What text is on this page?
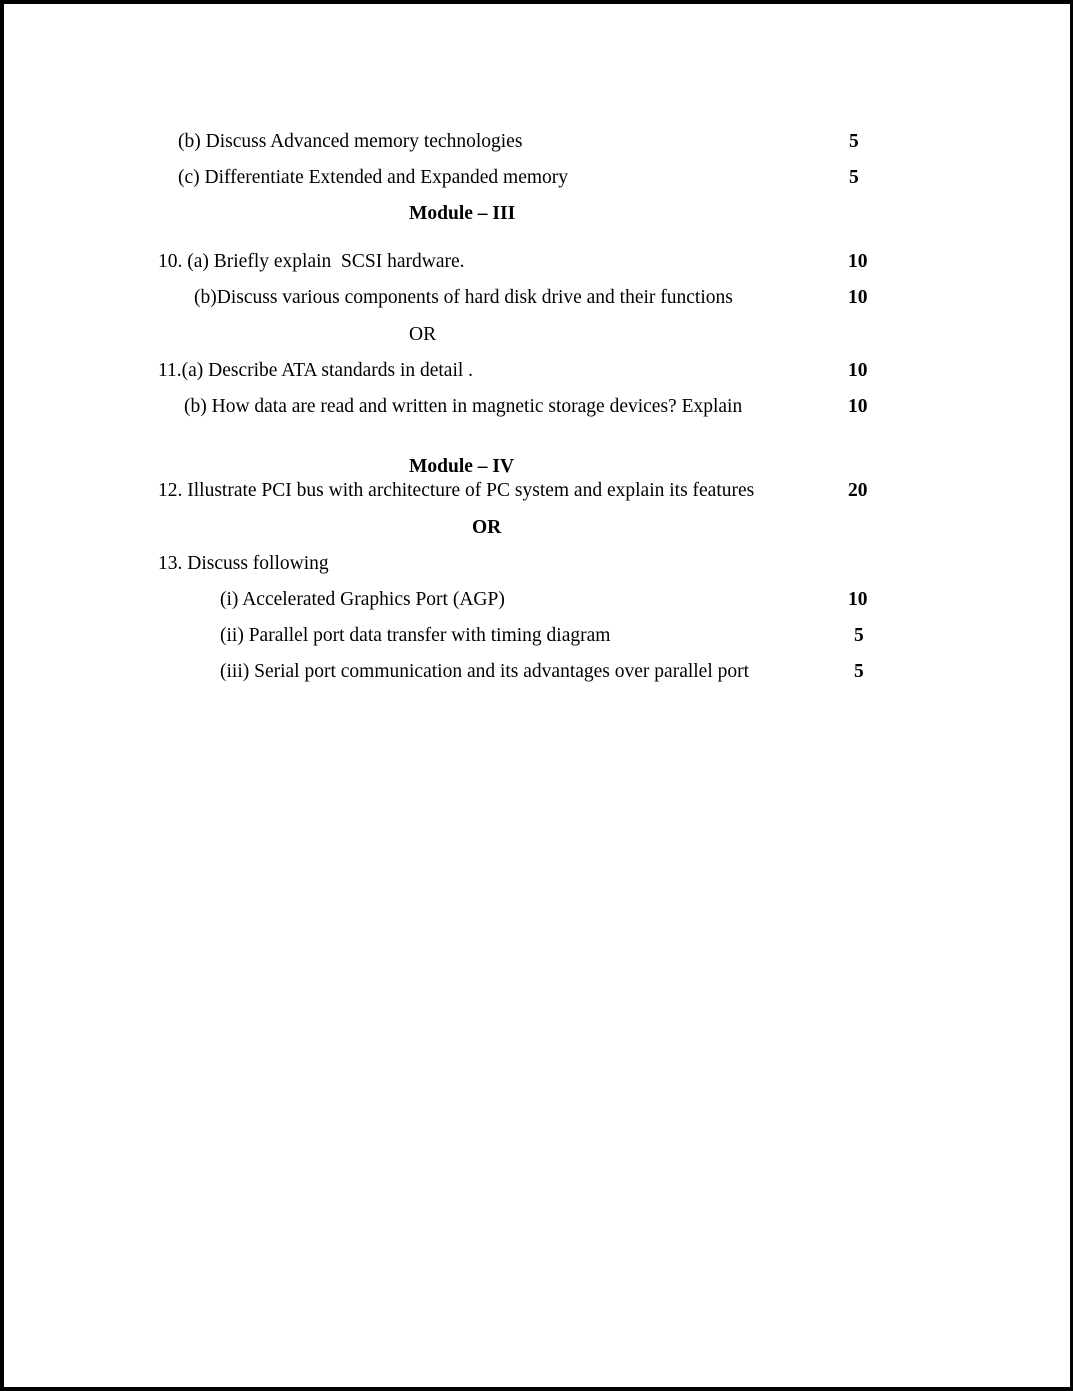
(b) Discuss Advanced memory technologies	5
(c) Differentiate Extended and Expanded memory	5
Module – III
10. (a) Briefly explain  SCSI hardware.	10
(b)Discuss various components of hard disk drive and their functions	10
OR
11.(a) Describe ATA standards in detail .	10
(b) How data are read and written in magnetic storage devices? Explain	10
Module – IV
12. Illustrate PCI bus with architecture of PC system and explain its features	20
OR
13. Discuss following
(i) Accelerated Graphics Port (AGP)	10
(ii) Parallel port data transfer with timing diagram	5
(iii) Serial port communication and its advantages over parallel port	5
